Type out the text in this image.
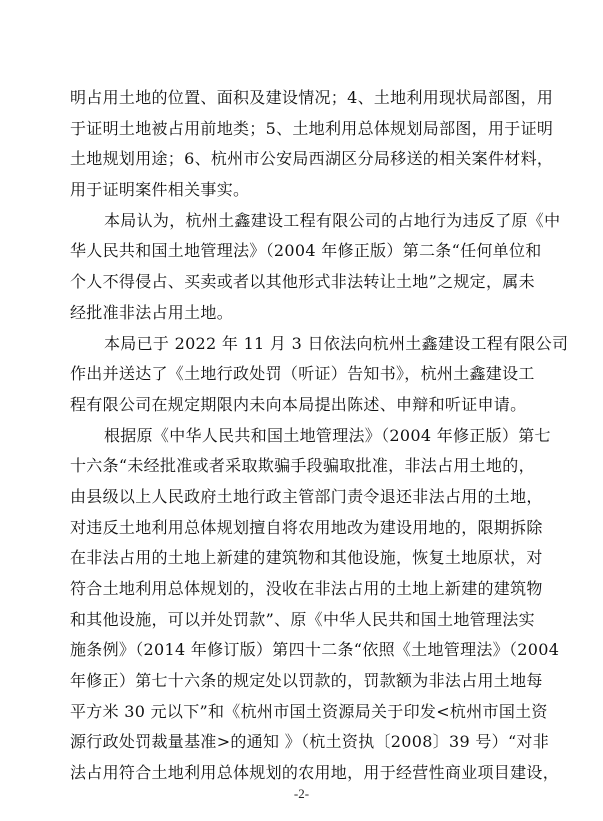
明占用土地的位置、面积及建设情况；4、土地利用现状局部图，用
于证明土地被占用前地类；5、土地利用总体规划局部图，用于证明
土地规划用途；6、杭州市公安局西湖区分局移送的相关案件材料，
用于证明案件相关事实。
本局认为，杭州土鑫建设工程有限公司的占地行为违反了原《中
华人民共和国土地管理法》（2004 年修正版）第二条“任何单位和
个人不得侵占、买卖或者以其他形式非法转让土地”之规定，属未
经批准非法占用土地。
本局已于 2022 年 11 月 3 日依法向杭州土鑫建设工程有限公司
作出并送达了《土地行政处罚（听证）告知书》，杭州土鑫建设工
程有限公司在规定期限内未向本局提出陈述、申辩和听证申请。
根据原《中华人民共和国土地管理法》（2004 年修正版）第七
十六条“未经批准或者采取欺骗手段骗取批准，非法占用土地的，
由县级以上人民政府土地行政主管部门责令退还非法占用的土地，
对违反土地利用总体规划擅自将农用地改为建设用地的，限期拆除
在非法占用的土地上新建的建筑物和其他设施，恢复土地原状，对
符合土地利用总体规划的，没收在非法占用的土地上新建的建筑物
和其他设施，可以并处罚款”、原《中华人民共和国土地管理法实
施条例》（2014 年修订版）第四十二条“依照《土地管理法》（2004
年修正）第七十六条的规定处以罚款的，罚款额为非法占用土地每
平方米 30 元以下”和《杭州市国土资源局关于印发<杭州市国土资
源行政处罚裁量基准>的通知 》（杭土资执〔2008〕39 号）“对非
法占用符合土地利用总体规划的农用地，用于经营性商业项目建设，
-2-
